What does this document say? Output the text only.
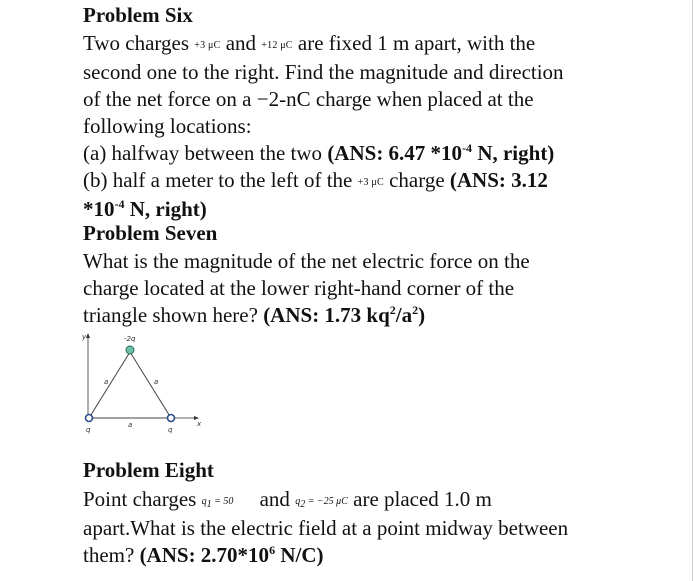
Problem Six
Two charges +3 μC and +12 μC are fixed 1 m apart, with the
second one to the right. Find the magnitude and direction
of the net force on a −2-nC charge when placed at the
following locations:
(a) halfway between the two (ANS: 6.47 $*10^{-4}$ N, right)
(b) half a meter to the left of the +3 μC charge (ANS: 3.12
$*10^{-4}$ N, right)
Problem Seven
What is the magnitude of the net electric force on the
charge located at the lower right-hand corner of the
triangle shown here? (ANS: 1.73 $kq^2/a^2$)
-2q
y
x
a	a
a
q	q
Problem Eight
Point charges $q_1 = 50$ and $q_2 = -25$ μC are placed 1.0 m
apart.What is the electric field at a point midway between
them? (ANS: $2.70*10^6$ N/C)
